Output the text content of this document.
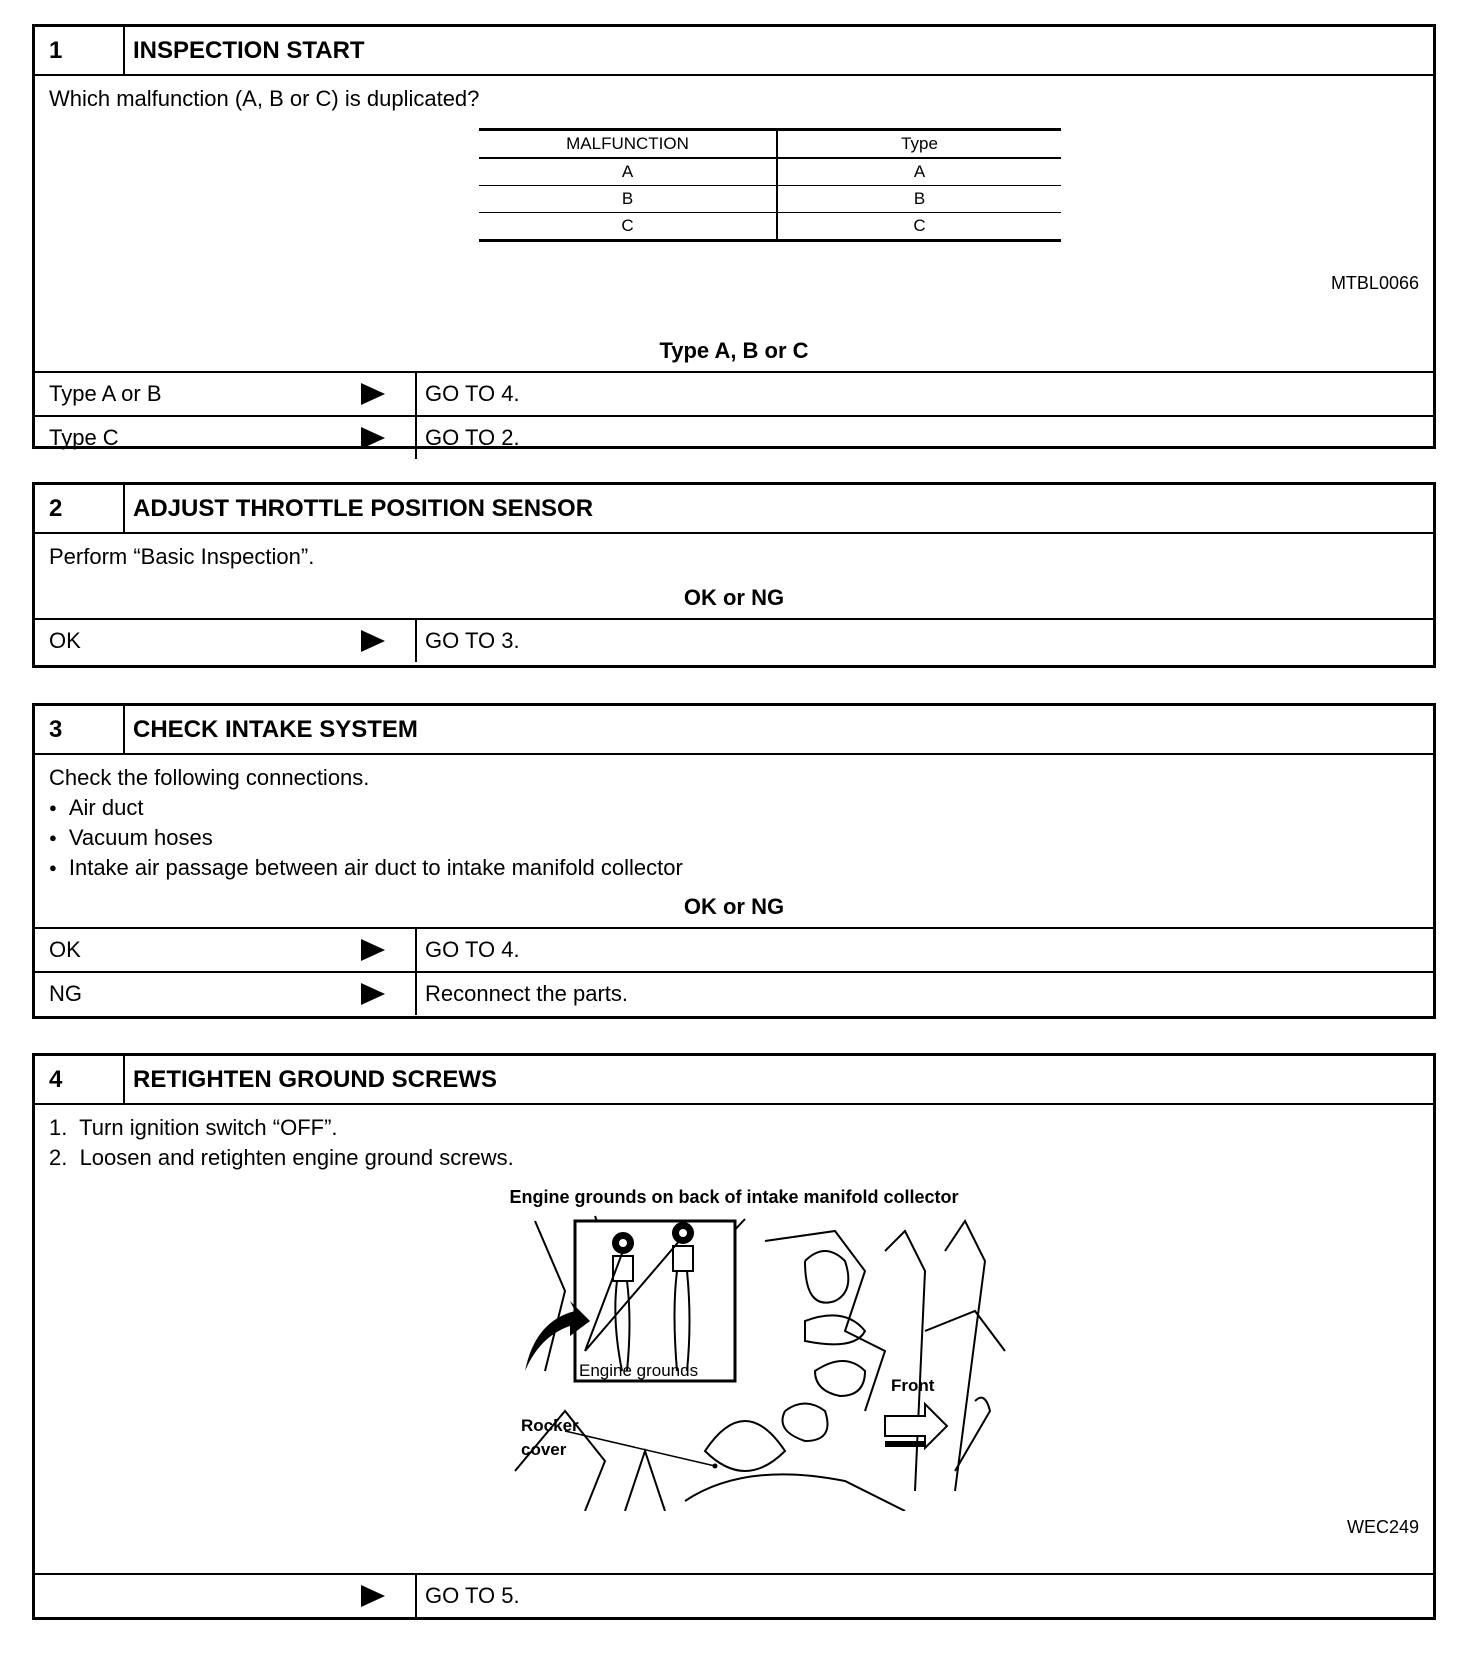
1	INSPECTION START
Which malfunction (A, B or C) is duplicated?
MALFUNCTION	Type
A	A
B	B
C	C
MTBL0066
Type A, B or C
Type A or B	GO TO 4.
Type C	GO TO 2.
2	ADJUST THROTTLE POSITION SENSOR
Perform “Basic Inspection”.
OK or NG
OK	GO TO 3.
3	CHECK INTAKE SYSTEM
Check the following connections.
● Air duct
● Vacuum hoses
● Intake air passage between air duct to intake manifold collector
OK or NG
OK	GO TO 4.
NG	Reconnect the parts.
4	RETIGHTEN GROUND SCREWS
1.  Turn ignition switch “OFF”.
2.  Loosen and retighten engine ground screws.
Engine grounds on back of intake manifold collector
Engine grounds
Front
Rocker
cover
WEC249
GO TO 5.
